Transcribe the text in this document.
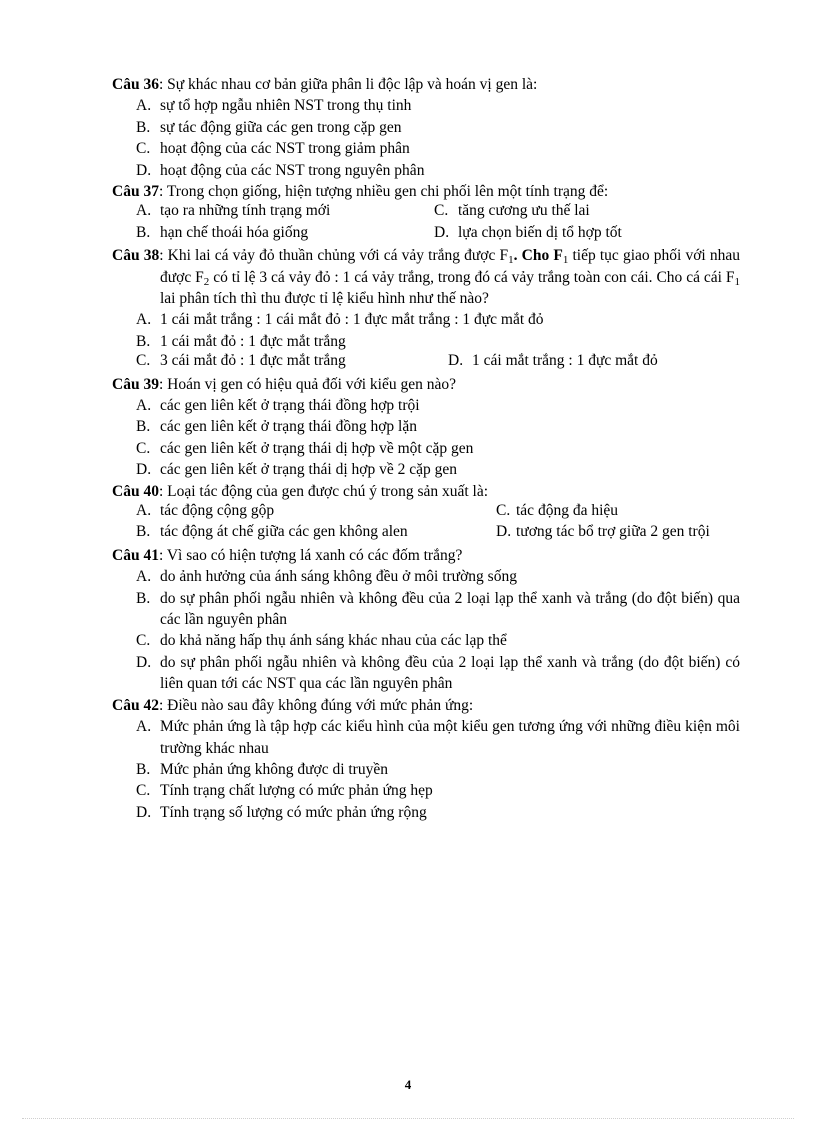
Câu 36: Sự khác nhau cơ bản giữa phân li độc lập và hoán vị gen là:
A. sự tổ hợp ngẫu nhiên NST trong thụ tinh
B. sự tác động giữa các gen trong cặp gen
C. hoạt động của các NST trong giảm phân
D. hoạt động của các NST trong nguyên phân
Câu 37: Trong chọn giống, hiện tượng nhiều gen chi phối lên một tính trạng để:
A. tạo ra những tính trạng mới	C. tăng cương ưu thế lai
B. hạn chế thoái hóa giống	D. lựa chọn biến dị tổ hợp tốt
Câu 38: Khi lai cá vảy đỏ thuần chủng với cá vảy trắng được $F_1$. Cho $F_1$ tiếp tục giao phối với nhau được $F_2$ có tỉ lệ 3 cá vảy đỏ : 1 cá vảy trắng, trong đó cá vảy trắng toàn con cái. Cho cá cái $F_1$ lai phân tích thì thu được tỉ lệ kiểu hình như thế nào?
A. 1 cái mắt trắng : 1 cái mắt đỏ : 1 đực mắt trắng : 1 đực mắt đỏ
B. 1 cái mắt đỏ : 1 đực mắt trắng
C. 3 cái mắt đỏ : 1 đực mắt trắng	D. 1 cái mắt trắng : 1 đực mắt đỏ
Câu 39: Hoán vị gen có hiệu quả đối với kiểu gen nào?
A. các gen liên kết ở trạng thái đồng hợp trội
B. các gen liên kết ở trạng thái đồng hợp lặn
C. các gen liên kết ở trạng thái dị hợp về một cặp gen
D. các gen liên kết ở trạng thái dị hợp về 2 cặp gen
Câu 40: Loại tác động của gen được chú ý trong sản xuất là:
A. tác động cộng gộp	C. tác động đa hiệu
B. tác động át chế giữa các gen không alen	D. tương tác bổ trợ giữa 2 gen trội
Câu 41: Vì sao có hiện tượng lá xanh có các đốm trắng?
A. do ảnh hưởng của ánh sáng không đều ở môi trường sống
B. do sự phân phối ngẫu nhiên và không đều của 2 loại lạp thể xanh và trắng (do đột biến) qua các lần nguyên phân
C. do khả năng hấp thụ ánh sáng khác nhau của các lạp thể
D. do sự phân phối ngẫu nhiên và không đều của 2 loại lạp thể xanh và trắng (do đột biến) có liên quan tới các NST qua các lần nguyên phân
Câu 42: Điều nào sau đây không đúng với mức phản ứng:
A. Mức phản ứng là tập hợp các kiểu hình của một kiểu gen tương ứng với những điều kiện môi trường khác nhau
B. Mức phản ứng không được di truyền
C. Tính trạng chất lượng có mức phản ứng hẹp
D. Tính trạng số lượng có mức phản ứng rộng
4
